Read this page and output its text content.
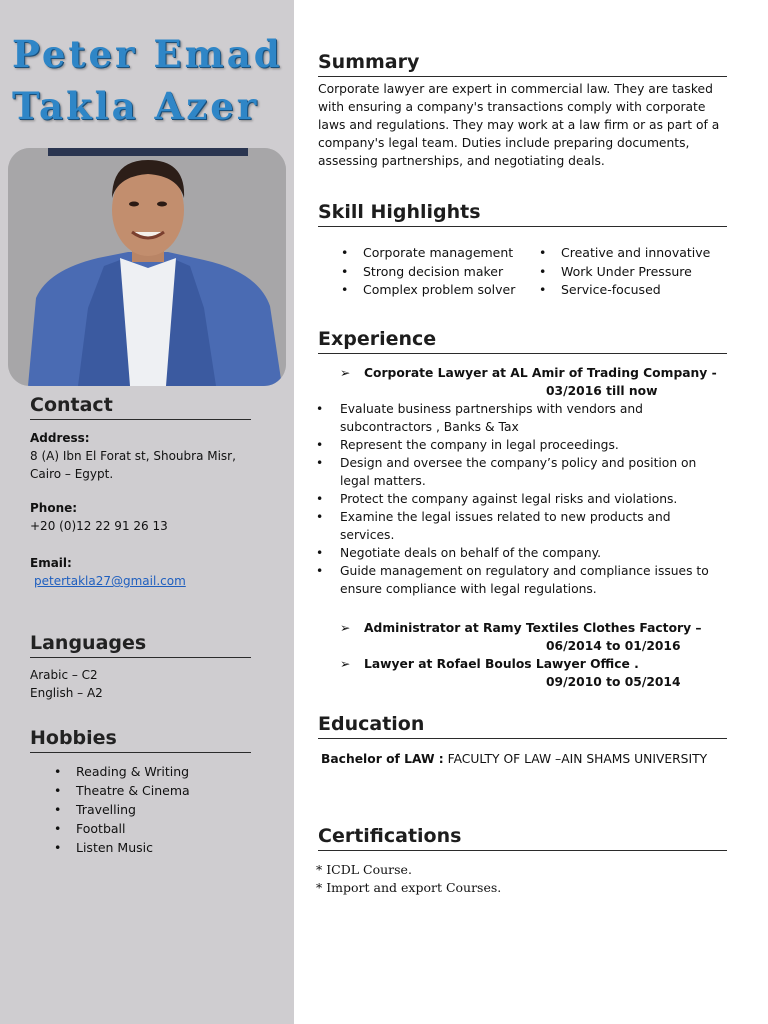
Peter Emad
Takla Azer
Contact
Address:
8 (A) Ibn El Forat st, Shoubra Misr,
Cairo – Egypt.
Phone:
+20 (0)12 22 91 26 13
Email:
petertakla27@gmail.com
Languages
Arabic – C2
English – A2
Hobbies
• Reading & Writing
• Theatre & Cinema
• Travelling
• Football
• Listen Music
Summary
Corporate lawyer are expert in commercial law. They are tasked
with ensuring a company's transactions comply with corporate
laws and regulations. They may work at a law firm or as part of a
company's legal team. Duties include preparing documents,
assessing partnerships, and negotiating deals.
Skill Highlights
• Corporate management
• Strong decision maker
• Complex problem solver
• Creative and innovative
• Work Under Pressure
• Service-focused
Experience
➢ Corporate Lawyer at AL Amir of Trading Company -
03/2016 till now
• Evaluate business partnerships with vendors and subcontractors , Banks & Tax
• Represent the company in legal proceedings.
• Design and oversee the company’s policy and position on legal matters.
• Protect the company against legal risks and violations.
• Examine the legal issues related to new products and services.
• Negotiate deals on behalf of the company.
• Guide management on regulatory and compliance issues to ensure compliance with legal regulations.
➢ Administrator at Ramy Textiles Clothes Factory –
06/2014 to 01/2016
➢ Lawyer at Rofael Boulos Lawyer Office .
09/2010 to 05/2014
Education
Bachelor of LAW : FACULTY OF LAW –AIN SHAMS UNIVERSITY
Certifications
* ICDL Course.
* Import and export Courses.
